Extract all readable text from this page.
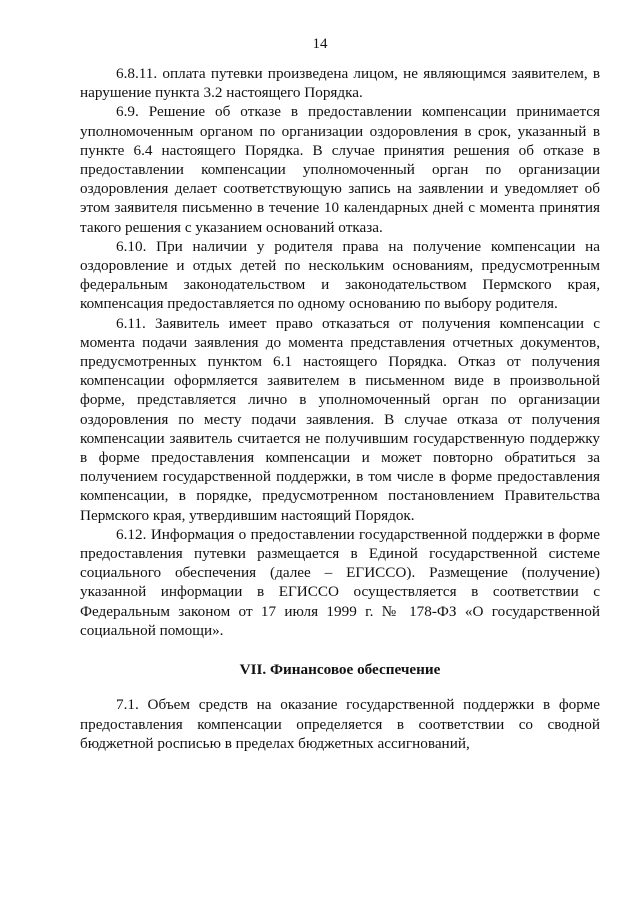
14

6.8.11. оплата путевки произведена лицом, не являющимся заявителем, в нарушение пункта 3.2 настоящего Порядка.

6.9. Решение об отказе в предоставлении компенсации принимается уполномоченным органом по организации оздоровления в срок, указанный в пункте 6.4 настоящего Порядка. В случае принятия решения об отказе в предоставлении компенсации уполномоченный орган по организации оздоровления делает соответствующую запись на заявлении и уведомляет об этом заявителя письменно в течение 10 календарных дней с момента принятия такого решения с указанием оснований отказа.

6.10. При наличии у родителя права на получение компенсации на оздоровление и отдых детей по нескольким основаниям, предусмотренным федеральным законодательством и законодательством Пермского края, компенсация предоставляется по одному основанию по выбору родителя.

6.11. Заявитель имеет право отказаться от получения компенсации с момента подачи заявления до момента представления отчетных документов, предусмотренных пунктом 6.1 настоящего Порядка. Отказ от получения компенсации оформляется заявителем в письменном виде в произвольной форме, представляется лично в уполномоченный орган по организации оздоровления по месту подачи заявления. В случае отказа от получения компенсации заявитель считается не получившим государственную поддержку в форме предоставления компенсации и может повторно обратиться за получением государственной поддержки, в том числе в форме предоставления компенсации, в порядке, предусмотренном постановлением Правительства Пермского края, утвердившим настоящий Порядок.

6.12. Информация о предоставлении государственной поддержки в форме предоставления путевки размещается в Единой государственной системе социального обеспечения (далее – ЕГИССО). Размещение (получение) указанной информации в ЕГИССО осуществляется в соответствии с Федеральным законом от 17 июля 1999 г. № 178-ФЗ «О государственной социальной помощи».

VII. Финансовое обеспечение

7.1. Объем средств на оказание государственной поддержки в форме предоставления компенсации определяется в соответствии со сводной бюджетной росписью в пределах бюджетных ассигнований,
